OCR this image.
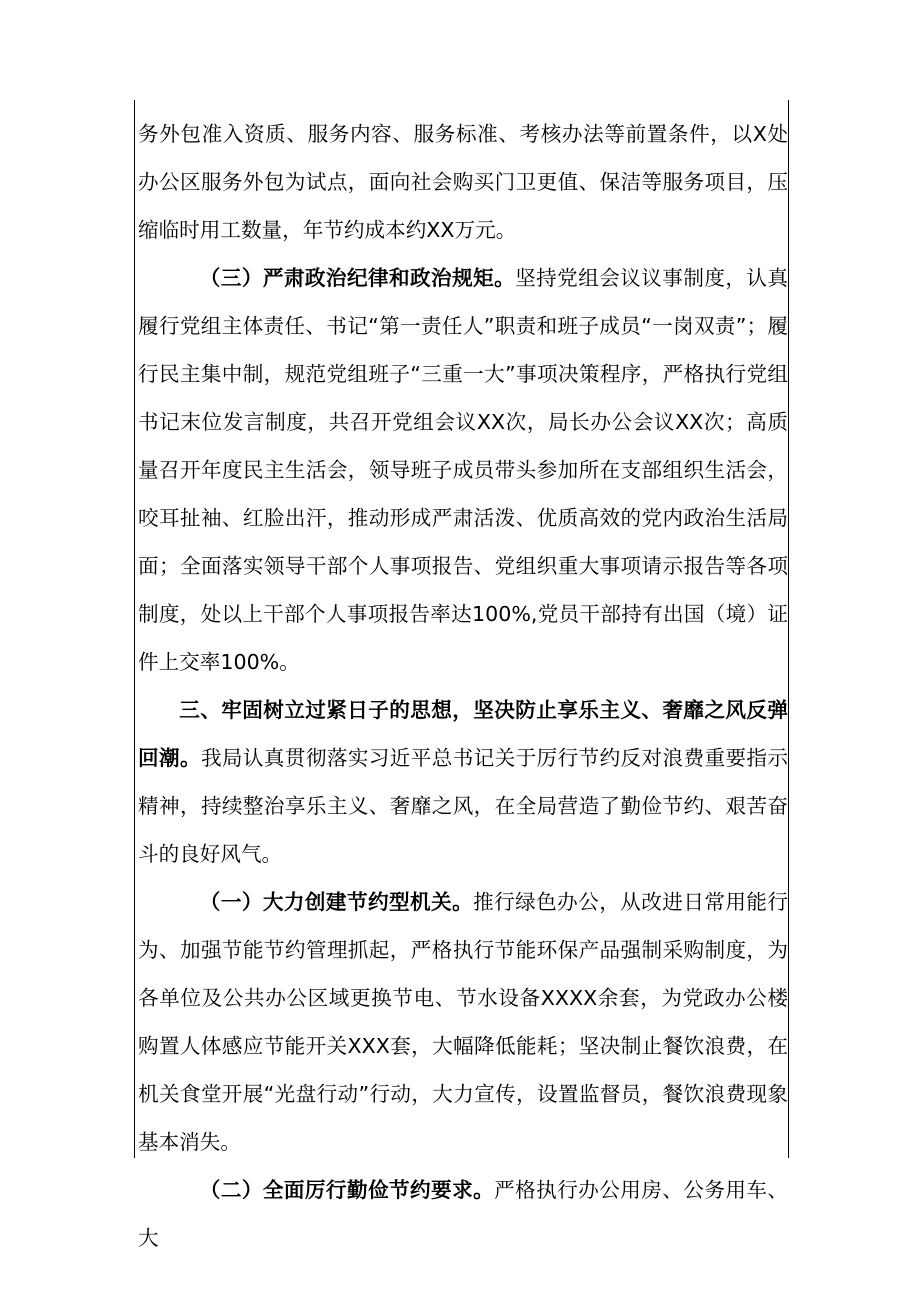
务外包准入资质、服务内容、服务标准、考核办法等前置条件，以X处办公区服务外包为试点，面向社会购买门卫更值、保洁等服务项目，压缩临时用工数量，年节约成本约XX万元。

（三）严肃政治纪律和政治规矩。坚持党组会议议事制度，认真履行党组主体责任、书记“第一责任人”职责和班子成员“一岗双责”；履行民主集中制，规范党组班子“三重一大”事项决策程序，严格执行党组书记末位发言制度，共召开党组会议XX次，局长办公会议XX次；高质量召开年度民主生活会，领导班子成员带头参加所在支部组织生活会，咬耳扯袖、红脸出汗，推动形成严肃活泼、优质高效的党内政治生活局面；全面落实领导干部个人事项报告、党组织重大事项请示报告等各项制度，处以上干部个人事项报告率达100%,党员干部持有出国（境）证件上交率100%。

三、牢固树立过紧日子的思想，坚决防止享乐主义、奢靡之风反弹回潮。我局认真贯彻落实习近平总书记关于厉行节约反对浪费重要指示精神，持续整治享乐主义、奢靡之风，在全局营造了勤俭节约、艰苦奋斗的良好风气。

（一）大力创建节约型机关。推行绿色办公，从改进日常用能行为、加强节能节约管理抓起，严格执行节能环保产品强制采购制度，为各单位及公共办公区域更换节电、节水设备XXXX余套，为党政办公楼购置人体感应节能开关XXX套，大幅降低能耗；坚决制止餐饮浪费，在机关食堂开展“光盘行动”行动，大力宣传，设置监督员，餐饮浪费现象基本消失。

（二）全面厉行勤俭节约要求。严格执行办公用房、公务用车、大
